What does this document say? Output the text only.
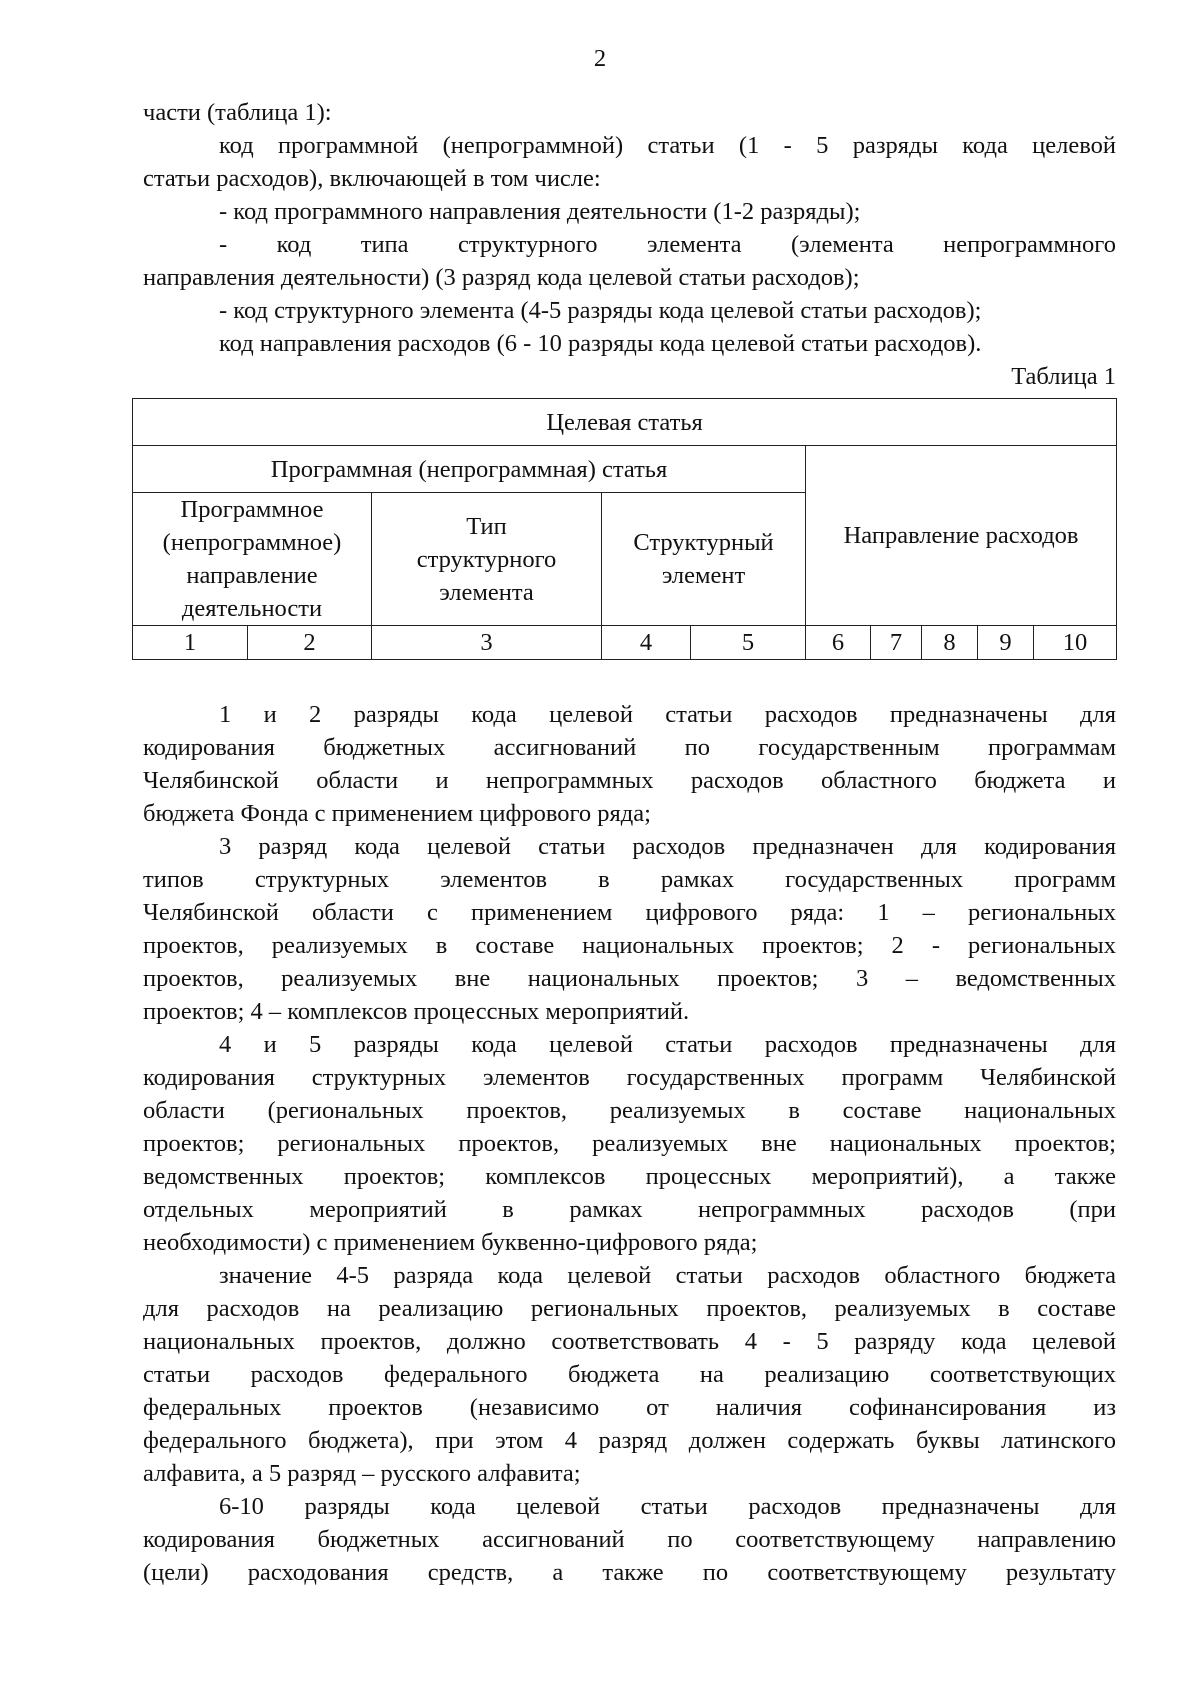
2
части (таблица 1):
код программной (непрограммной) статьи (1 - 5 разряды кода целевой
статьи расходов), включающей в том числе:
- код программного направления деятельности (1-2 разряды);
- код типа структурного элемента (элемента непрограммного
направления деятельности) (3 разряд кода целевой статьи расходов);
- код структурного элемента (4-5 разряды кода целевой статьи расходов);
код направления расходов (6 - 10 разряды кода целевой статьи расходов).
Таблица 1
Целевая статья									
Программная (непрограммная) статья					Направление расходов				
Программное (непрограммное) направление деятельности		Тип структурного элемента	Структурный элемент						
1	2	3	4	5	6	7	8	9	10
1 и 2 разряды кода целевой статьи расходов предназначены для
кодирования бюджетных ассигнований по государственным программам
Челябинской области и непрограммных расходов областного бюджета и
бюджета Фонда с применением цифрового ряда;
3 разряд кода целевой статьи расходов предназначен для кодирования
типов структурных элементов в рамках государственных программ
Челябинской области с применением цифрового ряда: 1 – региональных
проектов, реализуемых в составе национальных проектов; 2 - региональных
проектов, реализуемых вне национальных проектов; 3 – ведомственных
проектов; 4 – комплексов процессных мероприятий.
4 и 5 разряды кода целевой статьи расходов предназначены для
кодирования структурных элементов государственных программ Челябинской
области (региональных проектов, реализуемых в составе национальных
проектов; региональных проектов, реализуемых вне национальных проектов;
ведомственных проектов; комплексов процессных мероприятий), а также
отдельных мероприятий в рамках непрограммных расходов (при
необходимости) с применением буквенно-цифрового ряда;
значение 4-5 разряда кода целевой статьи расходов областного бюджета
для расходов на реализацию региональных проектов, реализуемых в составе
национальных проектов, должно соответствовать 4 - 5 разряду кода целевой
статьи расходов федерального бюджета на реализацию соответствующих
федеральных проектов (независимо от наличия софинансирования из
федерального бюджета), при этом 4 разряд должен содержать буквы латинского
алфавита, а 5 разряд – русского алфавита;
6-10 разряды кода целевой статьи расходов предназначены для
кодирования бюджетных ассигнований по соответствующему направлению
(цели) расходования средств, а также по соответствующему результату
